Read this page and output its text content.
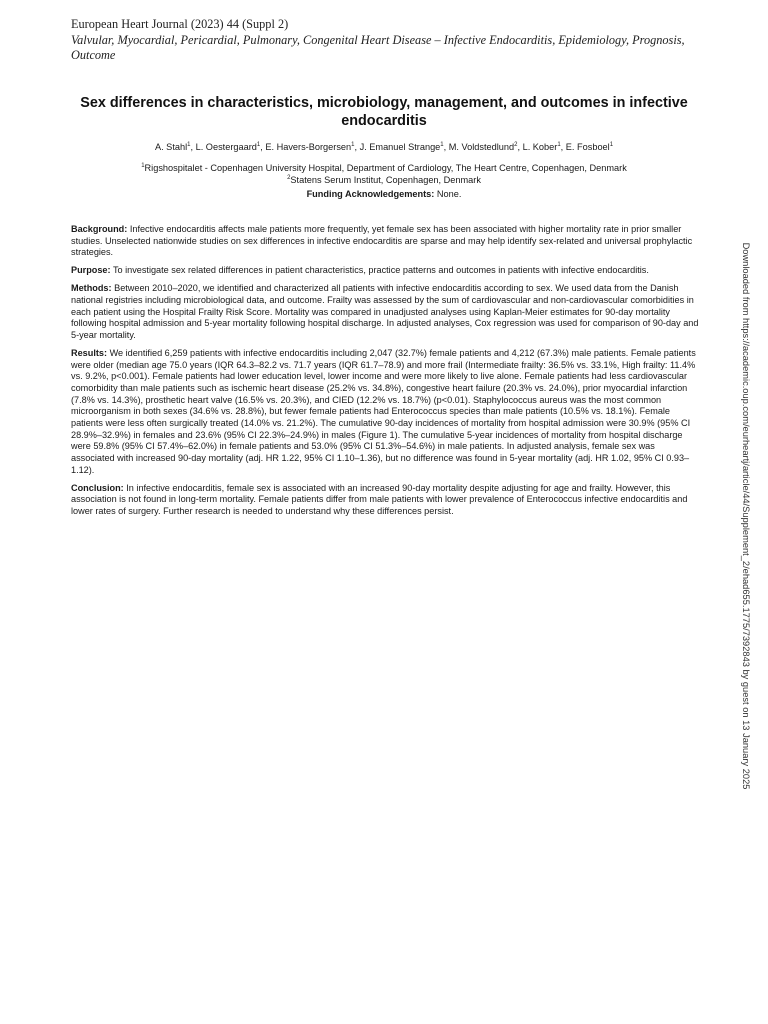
European Heart Journal (2023) 44 (Suppl 2)
Valvular, Myocardial, Pericardial, Pulmonary, Congenital Heart Disease – Infective Endocarditis, Epidemiology, Prognosis, Outcome
Sex differences in characteristics, microbiology, management, and outcomes in infective endocarditis
A. Stahl$^1$, L. Oestergaard$^1$, E. Havers-Borgersen$^1$, J. Emanuel Strange$^1$, M. Voldstedlund$^2$, L. Kober$^1$, E. Fosboel$^1$
$^1$Rigshospitalet - Copenhagen University Hospital, Department of Cardiology, The Heart Centre, Copenhagen, Denmark
$^2$Statens Serum Institut, Copenhagen, Denmark
Funding Acknowledgements: None.

Background: Infective endocarditis affects male patients more frequently, yet female sex has been associated with higher mortality rate in prior smaller studies. Unselected nationwide studies on sex differences in infective endocarditis are sparse and may help identify sex-related and universal prophylactic strategies.

Purpose: To investigate sex related differences in patient characteristics, practice patterns and outcomes in patients with infective endocarditis.

Methods: Between 2010–2020, we identified and characterized all patients with infective endocarditis according to sex. We used data from the Danish national registries including microbiological data, and outcome. Frailty was assessed by the sum of cardiovascular and non-cardiovascular comorbidities in each patient using the Hospital Frailty Risk Score. Mortality was compared in unadjusted analyses using Kaplan-Meier estimates for 90-day mortality following hospital admission and 5-year mortality following hospital discharge. In adjusted analyses, Cox regression was used for comparison of 90-day and 5-year mortality.

Results: We identified 6,259 patients with infective endocarditis including 2,047 (32.7%) female patients and 4,212 (67.3%) male patients. Female patients were older (median age 75.0 years (IQR 64.3–82.2 vs. 71.7 years (IQR 61.7–78.9) and more frail (Intermediate frailty: 36.5% vs. 33.1%, High frailty: 11.4% vs. 9.2%, p<0.001). Female patients had lower education level, lower income and were more likely to live alone. Female patients had less cardiovascular comorbidity than male patients such as ischemic heart disease (25.2% vs. 34.8%), congestive heart failure (20.3% vs. 24.0%), prior myocardial infarction (7.8% vs. 14.3%), prosthetic heart valve (16.5% vs. 20.3%), and CIED (12.2% vs. 18.7%) (p<0.01). Staphylococcus aureus was the most common microorganism in both sexes (34.6% vs. 28.8%), but fewer female patients had Enterococcus species than male patients (10.5% vs. 18.1%). Female patients were less often surgically treated (14.0% vs. 21.2%). The cumulative 90-day incidences of mortality from hospital admission were 30.9% (95% CI 28.9%–32.9%) in females and 23.6% (95% CI 22.3%–24.9%) in males (Figure 1). The cumulative 5-year incidences of mortality from hospital discharge were 59.8% (95% CI 57.4%–62.0%) in female patients and 53.0% (95% CI 51.3%–54.6%) in male patients. In adjusted analysis, female sex was associated with increased 90-day mortality (adj. HR 1.22, 95% CI 1.10–1.36), but no difference was found in 5-year mortality (adj. HR 1.02, 95% CI 0.93–1.12).

Conclusion: In infective endocarditis, female sex is associated with an increased 90-day mortality despite adjusting for age and frailty. However, this association is not found in long-term mortality. Female patients differ from male patients with lower prevalence of Enterococcus infective endocarditis and lower rates of surgery. Further research is needed to understand why these differences persist.	Downloaded from https://academic.oup.com/eurheartj/article/44/Supplement_2/ehad655.1775/7392843 by guest on 13 January 2025
